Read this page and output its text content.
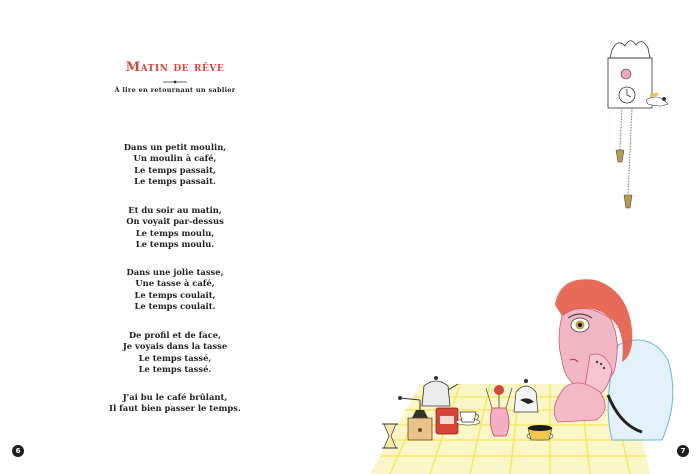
Matin de rêve
À lire en retournant un sablier
Dans un petit moulin,
Un moulin à café,
Le temps passait,
Le temps passait.
Et du soir au matin,
On voyait par-dessus
Le temps moulu,
Le temps moulu.
Dans une jolie tasse,
Une tasse à café,
Le temps coulait,
Le temps coulait.
De profil et de face,
Je voyais dans la tasse
Le temps tassé,
Le temps tassé.
J'ai bu le café brûlant,
Il faut bien passer le temps.
6	7
